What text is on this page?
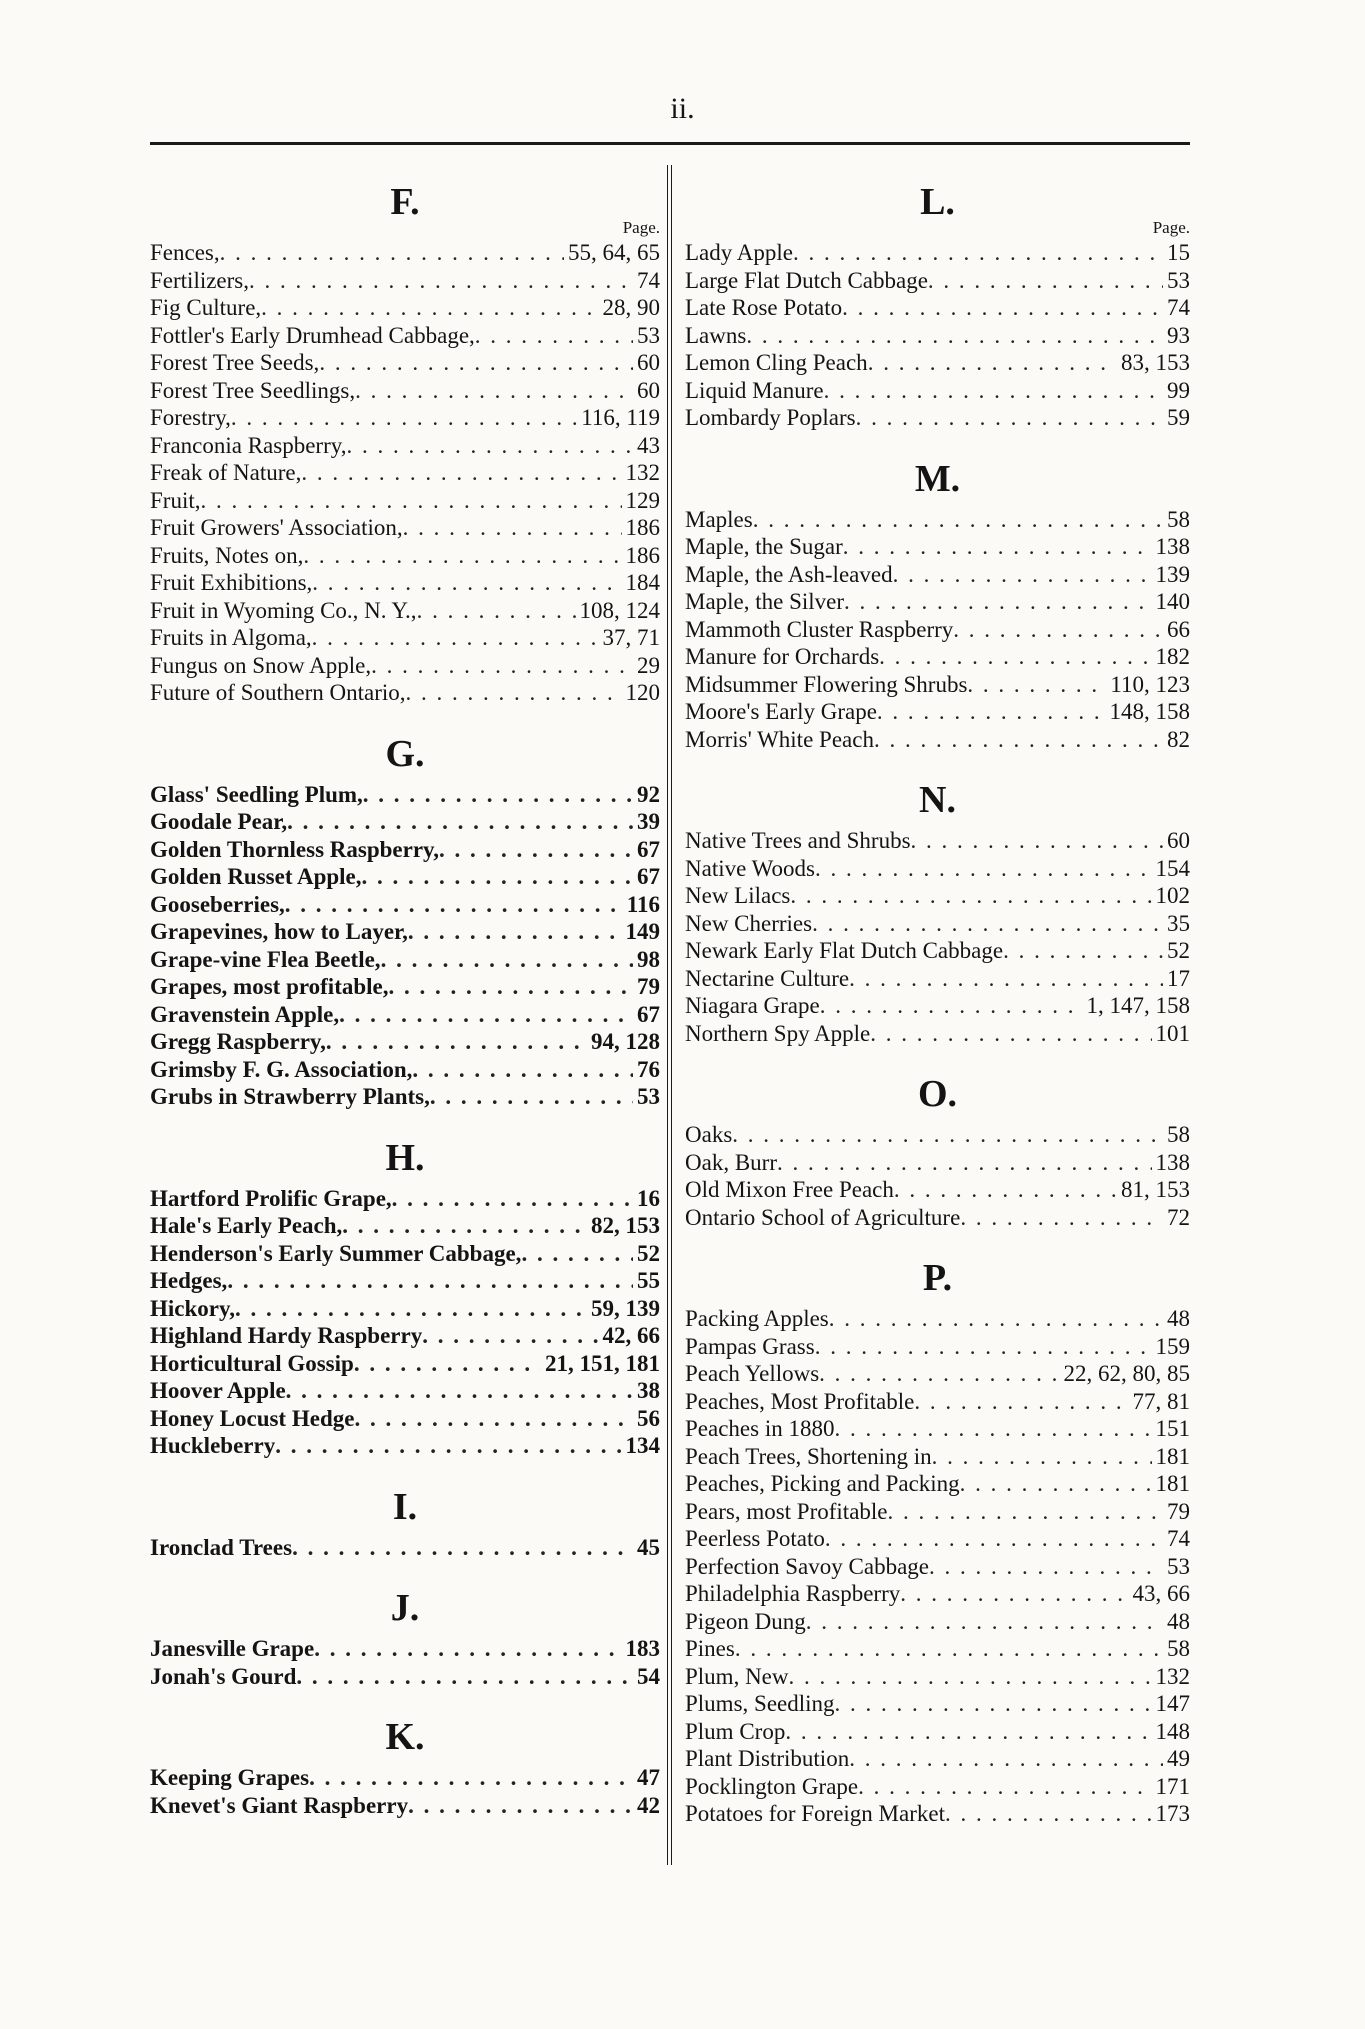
ii.
F.
Page.
Fences, . . .	55, 64, 65
Fertilizers, . . .	74
Fig Culture, . . .	28, 90
Fottler's Early Drumhead Cabbage, . . .	53
Forest Tree Seeds, . . .	60
Forest Tree Seedlings, . . .	60
Forestry, . . .	116, 119
Franconia Raspberry, . . .	43
Freak of Nature, . . .	132
Fruit, . . .	129
Fruit Growers' Association, . . .	186
Fruits, Notes on, . . .	186
Fruit Exhibitions, . . .	184
Fruit in Wyoming Co., N. Y., . . .	108, 124
Fruits in Algoma, . . .	37, 71
Fungus on Snow Apple, . . .	29
Future of Southern Ontario, . . .	120
G.
Glass' Seedling Plum, . . .	92
Goodale Pear, . . .	39
Golden Thornless Raspberry, . . .	67
Golden Russet Apple, . . .	67
Gooseberries, . . .	116
Grapevines, how to Layer, . . .	149
Grape-vine Flea Beetle, . . .	98
Grapes, most profitable, . . .	79
Gravenstein Apple, . . .	67
Gregg Raspberry, . . .	94, 128
Grimsby F. G. Association, . . .	76
Grubs in Strawberry Plants, . . .	53
H.
Hartford Prolific Grape, . . .	16
Hale's Early Peach, . . .	82, 153
Henderson's Early Summer Cabbage, . . .	52
Hedges, . . .	55
Hickory, . . .	59, 139
Highland Hardy Raspberry . . .	42, 66
Horticultural Gossip . . .	21, 151, 181
Hoover Apple . . .	38
Honey Locust Hedge . . .	56
Huckleberry . . .	134
I.
Ironclad Trees . . .	45
J.
Janesville Grape . . .	183
Jonah's Gourd . . .	54
K.
Keeping Grapes . . .	47
Knevet's Giant Raspberry . . .	42
L.
Page.
Lady Apple . . .	15
Large Flat Dutch Cabbage . . .	53
Late Rose Potato . . .	74
Lawns . . .	93
Lemon Cling Peach . . .	83, 153
Liquid Manure . . .	99
Lombardy Poplars . . .	59
M.
Maples . . .	58
Maple, the Sugar . . .	138
Maple, the Ash-leaved . . .	139
Maple, the Silver . . .	140
Mammoth Cluster Raspberry . . .	66
Manure for Orchards . . .	182
Midsummer Flowering Shrubs . . .	110, 123
Moore's Early Grape . . .	148, 158
Morris' White Peach . . .	82
N.
Native Trees and Shrubs . . .	60
Native Woods . . .	154
New Lilacs . . .	102
New Cherries . . .	35
Newark Early Flat Dutch Cabbage . . .	52
Nectarine Culture . . .	17
Niagara Grape . . .	1, 147, 158
Northern Spy Apple . . .	101
O.
Oaks . . .	58
Oak, Burr . . .	138
Old Mixon Free Peach . . .	81, 153
Ontario School of Agriculture . . .	72
P.
Packing Apples . . .	48
Pampas Grass . . .	159
Peach Yellows . . .	22, 62, 80, 85
Peaches, Most Profitable . . .	77, 81
Peaches in 1880 . . .	151
Peach Trees, Shortening in . . .	181
Peaches, Picking and Packing . . .	181
Pears, most Profitable . . .	79
Peerless Potato . . .	74
Perfection Savoy Cabbage . . .	53
Philadelphia Raspberry . . .	43, 66
Pigeon Dung . . .	48
Pines . . .	58
Plum, New . . .	132
Plums, Seedling . . .	147
Plum Crop . . .	148
Plant Distribution . . .	49
Pocklington Grape . . .	171
Potatoes for Foreign Market . . .	173
